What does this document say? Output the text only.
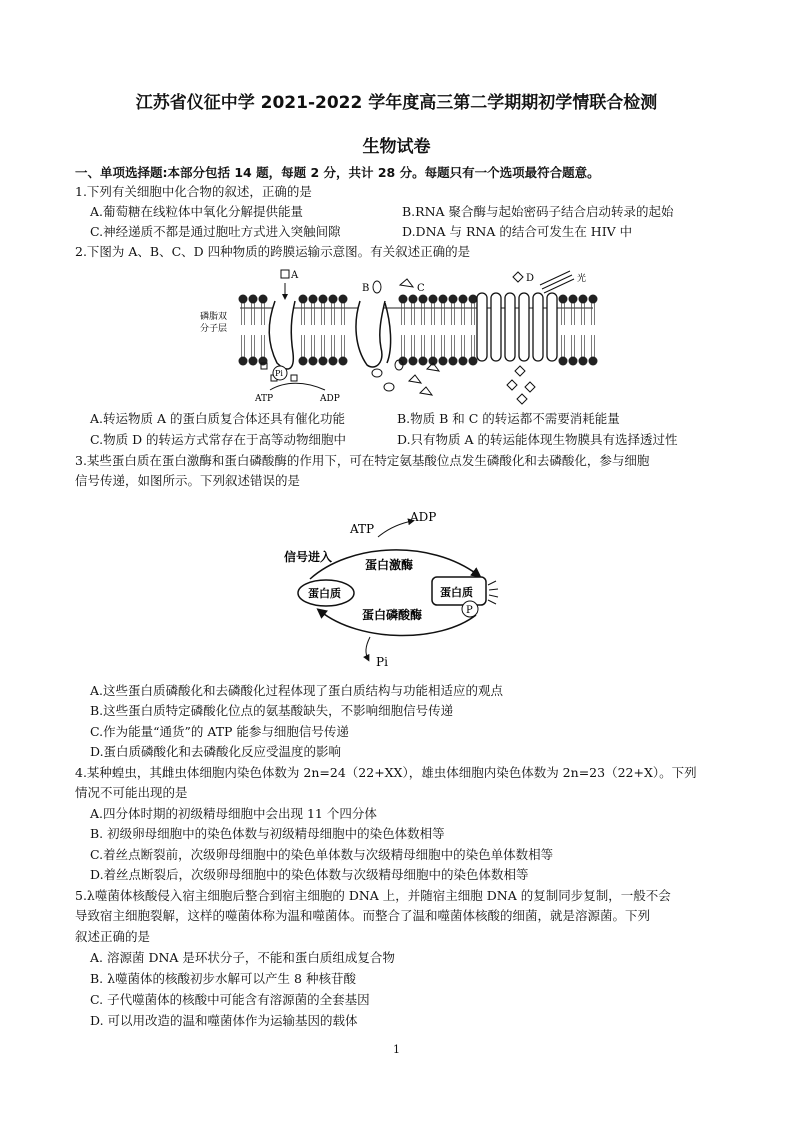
江苏省仪征中学 2021-2022 学年度高三第二学期期初学情联合检测
生物试卷
一、单项选择题:本部分包括 14 题，每题 2 分，共计 28 分。每题只有一个选项最符合题意。
1.下列有关细胞中化合物的叙述，正确的是
A.葡萄糖在线粒体中氧化分解提供能量	B.RNA 聚合酶与起始密码子结合启动转录的起始
C.神经递质不都是通过胞吐方式进入突触间隙	D.DNA 与 RNA 的结合可发生在 HIV 中
2.下图为 A、B、C、D 四种物质的跨膜运输示意图。有关叙述正确的是
磷脂双
分子层
A
Pi
ATP	ADP
B	C
D	光
A.转运物质 A 的蛋白质复合体还具有催化功能	B.物质 B 和 C 的转运都不需要消耗能量
C.物质 D 的转运方式常存在于高等动物细胞中	D.只有物质 A 的转运能体现生物膜具有选择透过性
3.某些蛋白质在蛋白激酶和蛋白磷酸酶的作用下，可在特定氨基酸位点发生磷酸化和去磷酸化，参与细胞
信号传递，如图所示。下列叙述错误的是
ATP
ADP
信号进入
蛋白激酶
蛋白质	蛋白质
P
蛋白磷酸酶
Pi
A.这些蛋白质磷酸化和去磷酸化过程体现了蛋白质结构与功能相适应的观点
B.这些蛋白质特定磷酸化位点的氨基酸缺失，不影响细胞信号传递
C.作为能量“通货”的 ATP 能参与细胞信号传递
D.蛋白质磷酸化和去磷酸化反应受温度的影响
4.某种蝗虫，其雌虫体细胞内染色体数为 2n=24（22+XX），雄虫体细胞内染色体数为 2n=23（22+X）。下列
情况不可能出现的是
A.四分体时期的初级精母细胞中会出现 11 个四分体
B. 初级卵母细胞中的染色体数与初级精母细胞中的染色体数相等
C.着丝点断裂前，次级卵母细胞中的染色单体数与次级精母细胞中的染色单体数相等
D.着丝点断裂后，次级卵母细胞中的染色体数与次级精母细胞中的染色体数相等
5.λ噬菌体核酸侵入宿主细胞后整合到宿主细胞的 DNA 上，并随宿主细胞 DNA 的复制同步复制，一般不会
导致宿主细胞裂解，这样的噬菌体称为温和噬菌体。而整合了温和噬菌体核酸的细菌，就是溶源菌。下列
叙述正确的是
A. 溶源菌 DNA 是环状分子，不能和蛋白质组成复合物
B. λ噬菌体的核酸初步水解可以产生 8 种核苷酸
C. 子代噬菌体的核酸中可能含有溶源菌的全套基因
D. 可以用改造的温和噬菌体作为运输基因的载体
1
